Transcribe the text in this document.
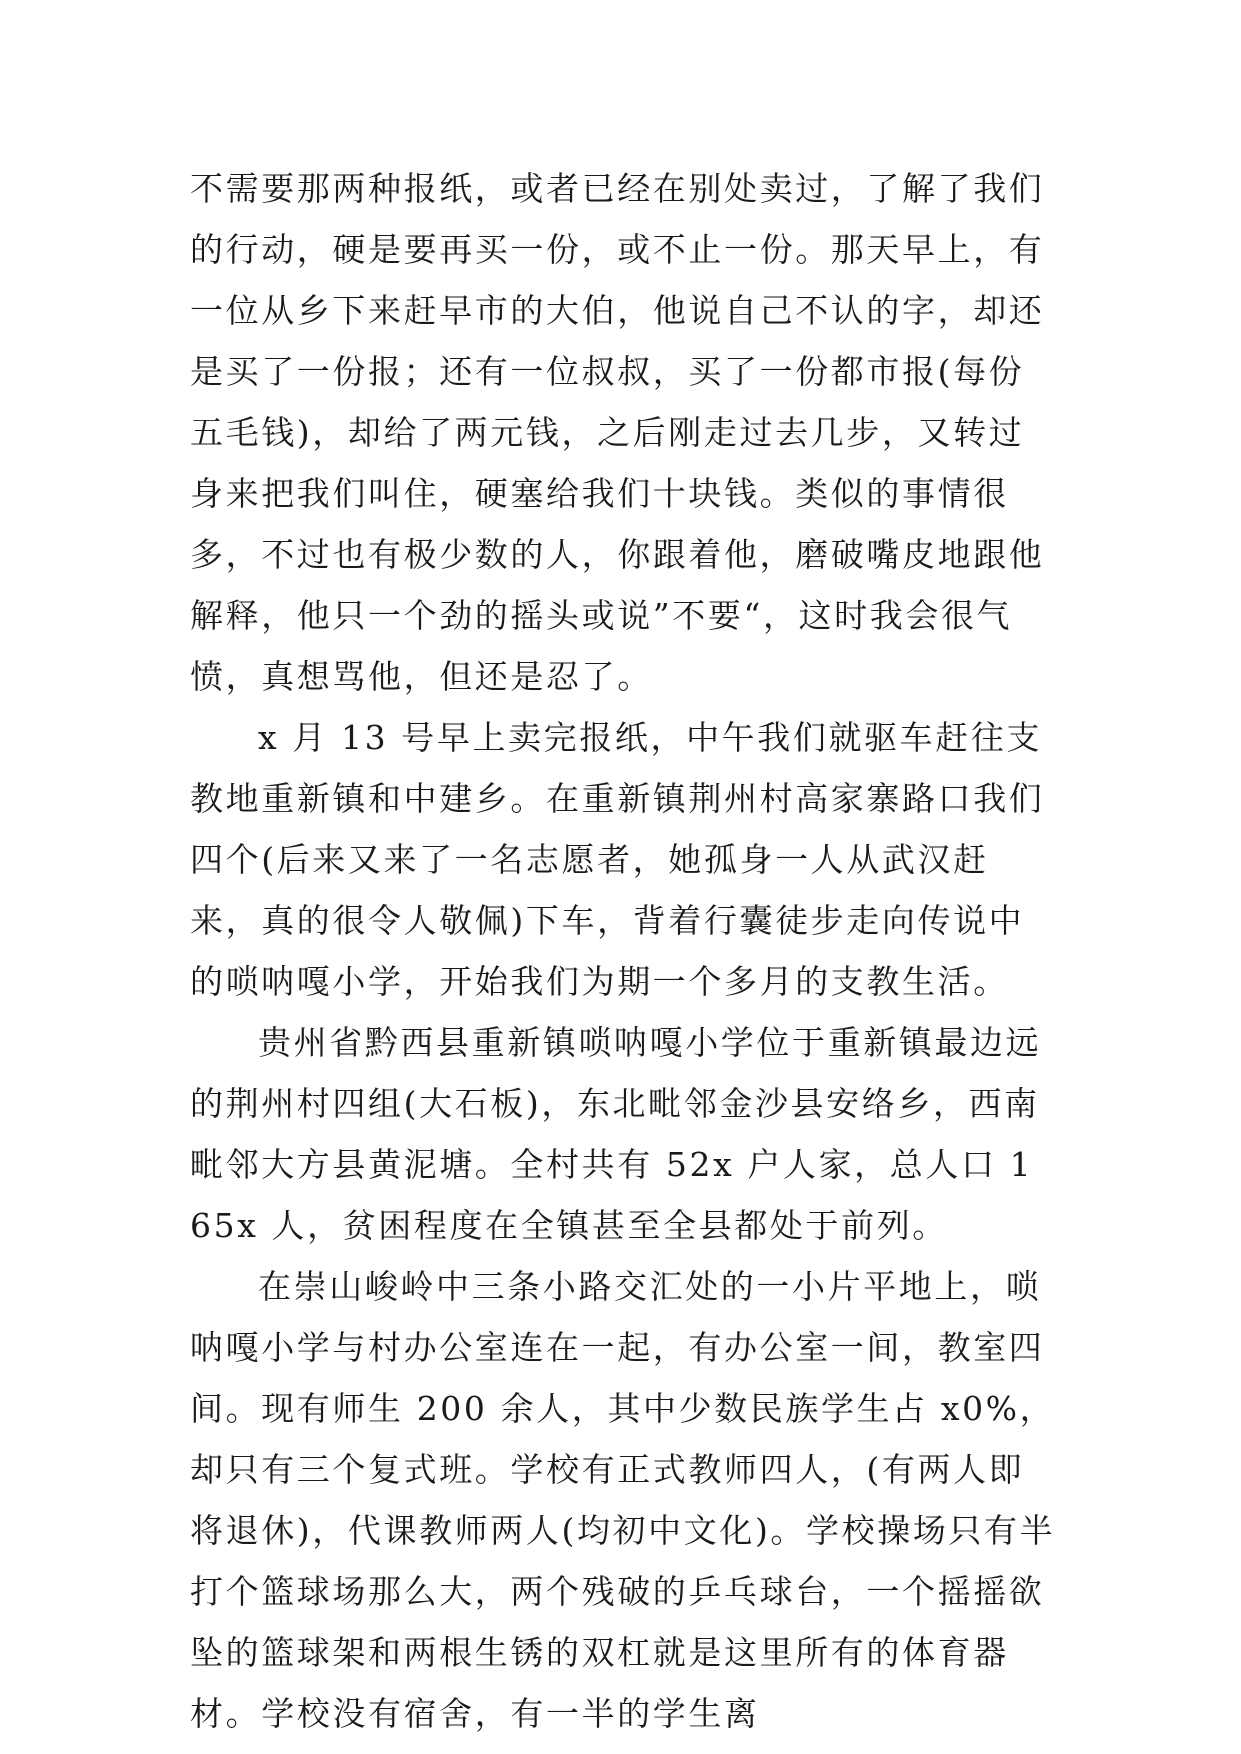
不需要那两种报纸，或者已经在别处卖过，了解了我们的行动，硬是要再买一份，或不止一份。那天早上，有一位从乡下来赶早市的大伯，他说自己不认的字，却还是买了一份报；还有一位叔叔，买了一份都市报(每份五毛钱)，却给了两元钱，之后刚走过去几步，又转过身来把我们叫住，硬塞给我们十块钱。类似的事情很多，不过也有极少数的人，你跟着他，磨破嘴皮地跟他解释，他只一个劲的摇头或说”不要“，这时我会很气愤，真想骂他，但还是忍了。

x 月 13 号早上卖完报纸，中午我们就驱车赶往支教地重新镇和中建乡。在重新镇荆州村高家寨路口我们四个(后来又来了一名志愿者，她孤身一人从武汉赶来，真的很令人敬佩)下车，背着行囊徒步走向传说中的唢呐嘎小学，开始我们为期一个多月的支教生活。

贵州省黔西县重新镇唢呐嘎小学位于重新镇最边远的荆州村四组(大石板)，东北毗邻金沙县安络乡，西南毗邻大方县黄泥塘。全村共有 52x 户人家，总人口 165x 人，贫困程度在全镇甚至全县都处于前列。

在崇山峻岭中三条小路交汇处的一小片平地上，唢呐嘎小学与村办公室连在一起，有办公室一间，教室四间。现有师生 200 余人，其中少数民族学生占 x0%，却只有三个复式班。学校有正式教师四人，(有两人即将退休)，代课教师两人(均初中文化)。学校操场只有半打个篮球场那么大，两个残破的乒乓球台，一个摇摇欲坠的篮球架和两根生锈的双杠就是这里所有的体育器材。学校没有宿舍，有一半的学生离
